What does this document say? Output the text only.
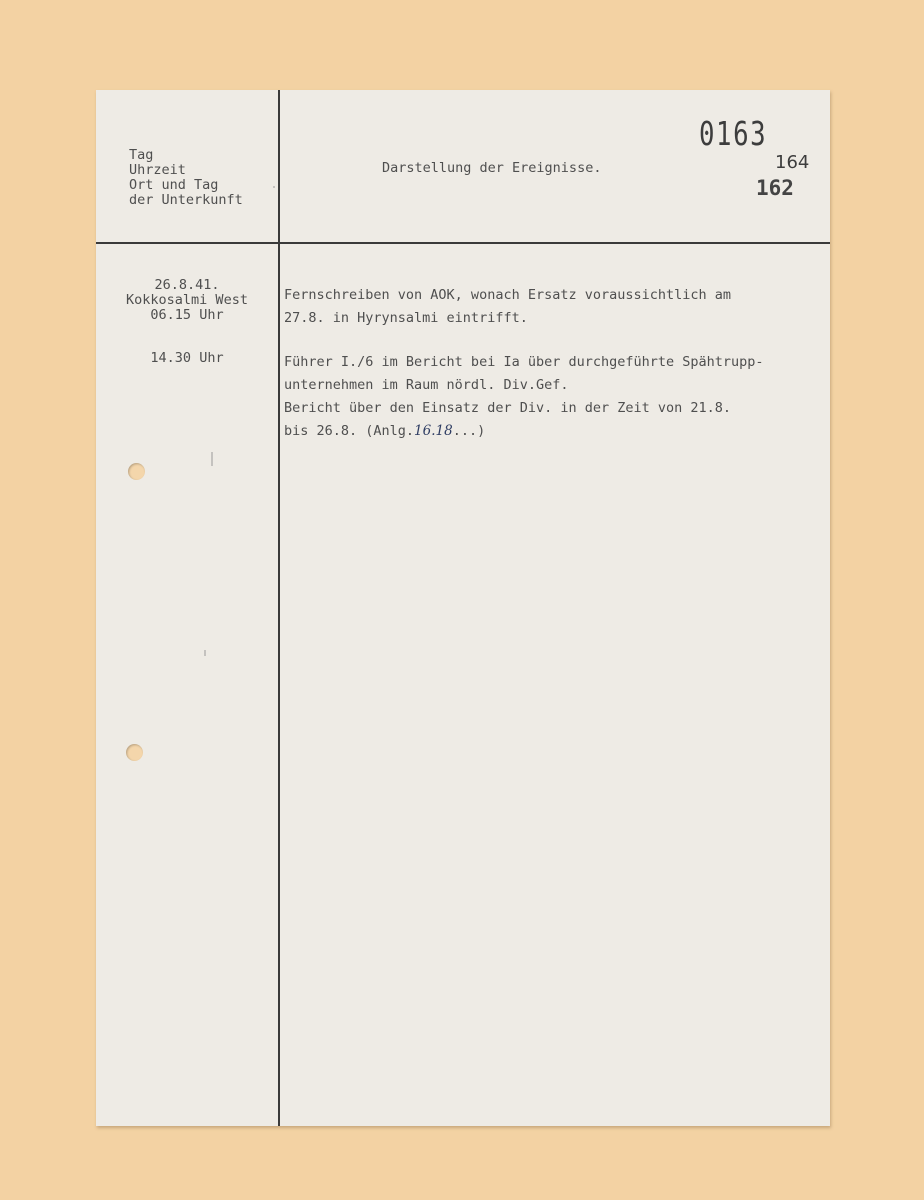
Tag
Uhrzeit
Ort und Tag
der Unterkunft
Darstellung der Ereignisse.
0163
164
162
26.8.41.
Kokkosalmi West
06.15 Uhr
Fernschreiben von AOK, wonach Ersatz voraussichtlich am
27.8. in Hyrynsalmi eintrifft.
14.30 Uhr	Führer I./6 im Bericht bei Ia über durchgeführte Spähtrupp-
unternehmen im Raum nördl. Div.Gef.
Bericht über den Einsatz der Div. in der Zeit von 21.8.
bis 26.8. (Anlg.16.18...)
